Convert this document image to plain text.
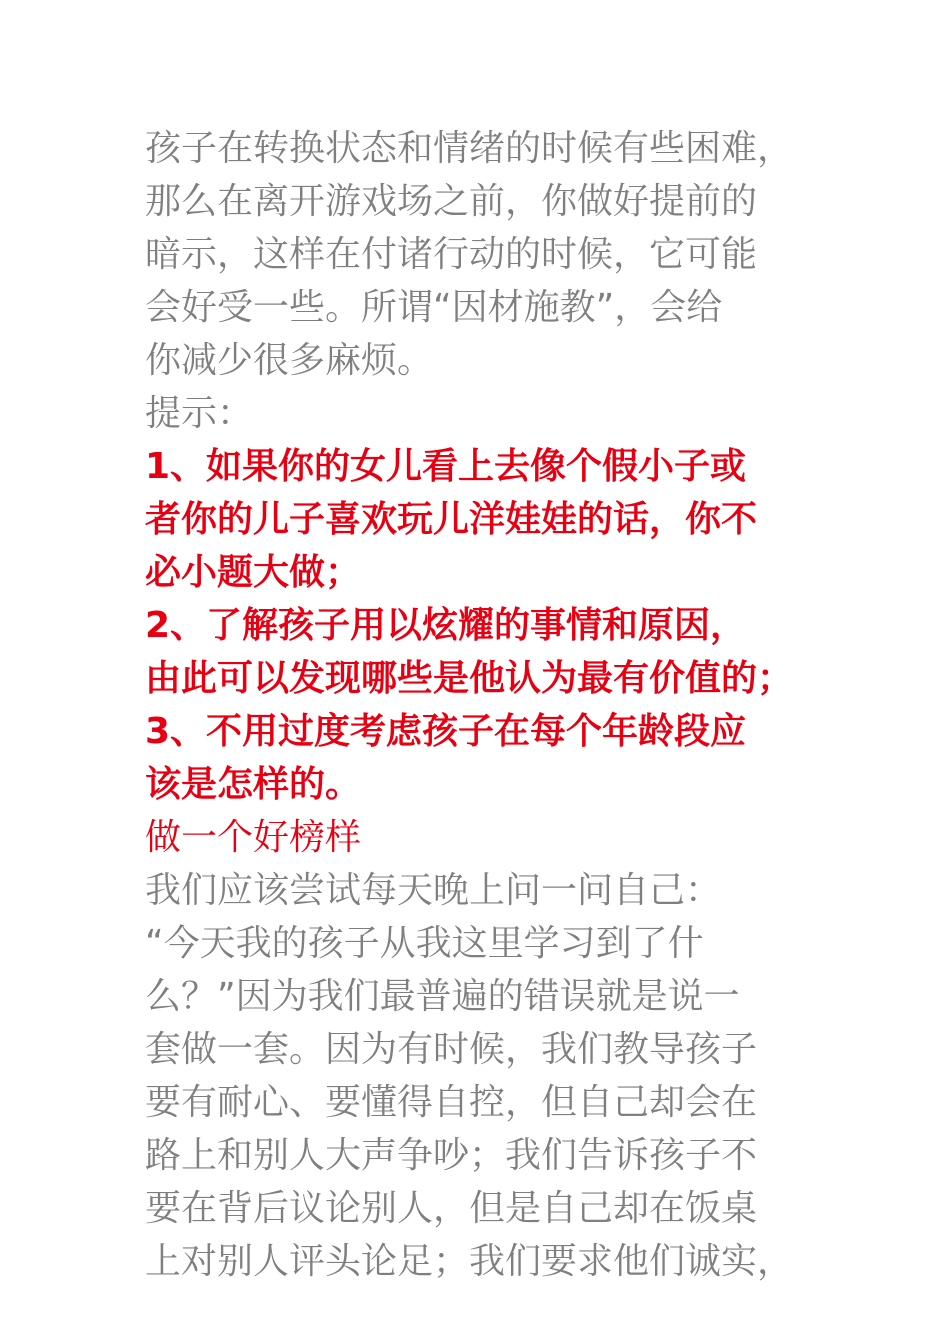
孩子在转换状态和情绪的时候有些困难，
那么在离开游戏场之前，你做好提前的
暗示，这样在付诸行动的时候，它可能
会好受一些。所谓“因材施教”，会给
你减少很多麻烦。
提示：
1、如果你的女儿看上去像个假小子或
者你的儿子喜欢玩儿洋娃娃的话，你不
必小题大做；
2、了解孩子用以炫耀的事情和原因，
由此可以发现哪些是他认为最有价值的；
3、不用过度考虑孩子在每个年龄段应
该是怎样的。
做一个好榜样
我们应该尝试每天晚上问一问自己：
“今天我的孩子从我这里学习到了什
么？”因为我们最普遍的错误就是说一
套做一套。因为有时候，我们教导孩子
要有耐心、要懂得自控，但自己却会在
路上和别人大声争吵；我们告诉孩子不
要在背后议论别人，但是自己却在饭桌
上对别人评头论足；我们要求他们诚实，
